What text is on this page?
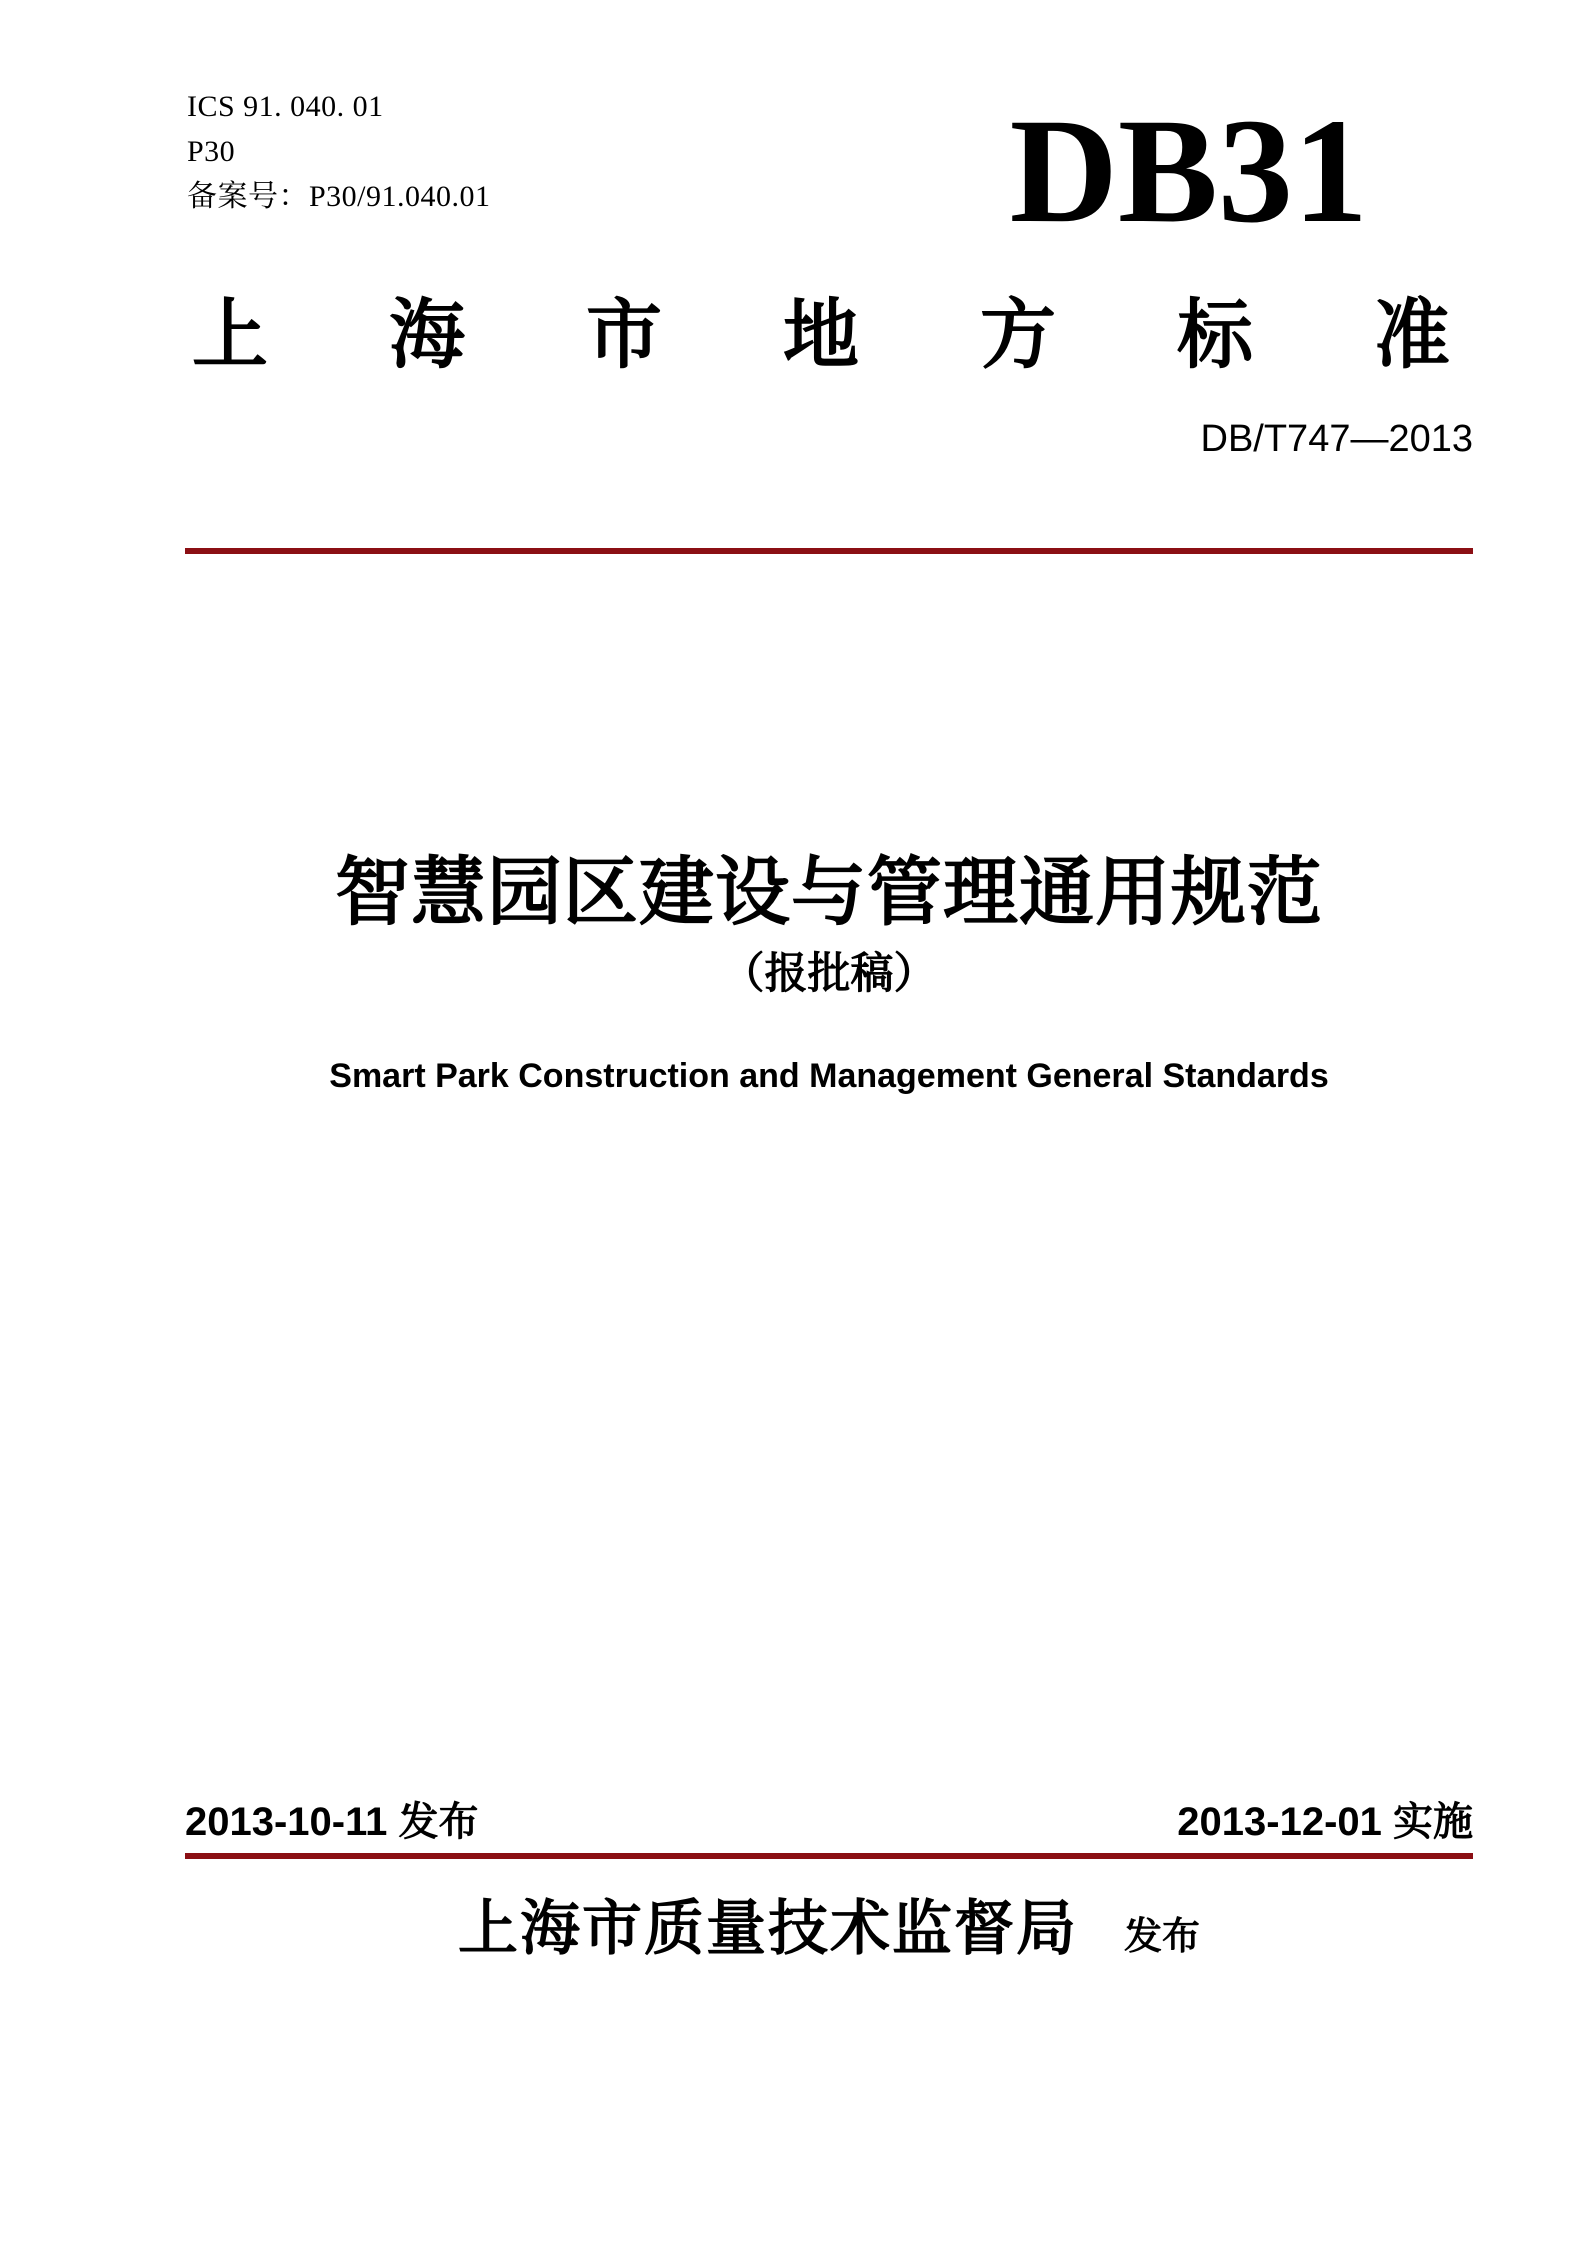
ICS 91. 040. 01
P30
备案号：P30/91.040.01	DB31
上海市地方标准
DB/T747—2013
智慧园区建设与管理通用规范
（报批稿）
Smart Park Construction and Management General Standards
2013-10-11 发布	2013-12-01 实施
上海市质量技术监督局 发布
